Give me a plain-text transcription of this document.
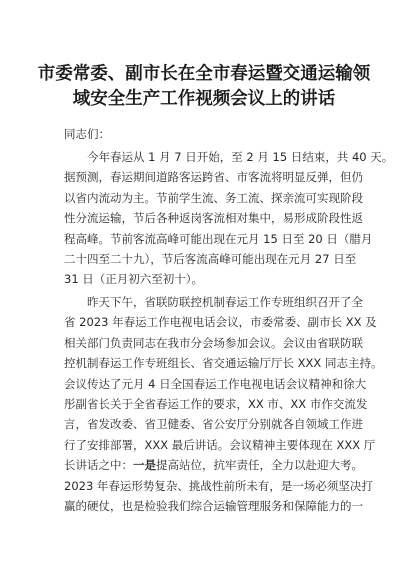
市委常委、副市长在全市春运暨交通运输领
域安全生产工作视频会议上的讲话
同志们：
今年春运从 1 月 7 日开始，至 2 月 15 日结束，共 40 天。
据预测，春运期间道路客运跨省、市客流将明显反弹，但仍
以省内流动为主。节前学生流、务工流、探亲流可实现阶段
性分流运输，节后各种返岗客流相对集中，易形成阶段性返
程高峰。节前客流高峰可能出现在元月 15 日至 20 日（腊月
二十四至二十九），节后客流高峰可能出现在元月 27 日至
31 日（正月初六至初十）。
昨天下午，省联防联控机制春运工作专班组织召开了全
省 2023 年春运工作电视电话会议，市委常委、副市长 XX 及
相关部门负责同志在我市分会场参加会议。会议由省联防联
控机制春运工作专班组长、省交通运输厅厅长 XXX 同志主持。
会议传达了元月 4 日全国春运工作电视电话会议精神和徐大
彤副省长关于全省春运工作的要求，XX 市、XX 市作交流发
言，省发改委、省卫健委、省公安厅分别就各自领域工作进
行了安排部署，XXX 最后讲话。会议精神主要体现在 XXX 厅
长讲话之中：一是提高站位，抗牢责任，全力以赴迎大考。
2023 年春运形势复杂、挑战性前所未有，是一场必须坚决打
赢的硬仗，也是检验我们综合运输管理服务和保障能力的一
